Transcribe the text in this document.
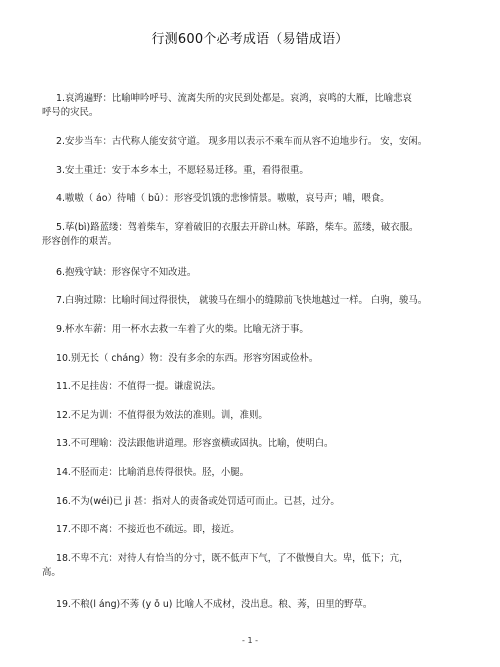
行测600个必考成语（易错成语）
1.哀鸿遍野：比喻呻吟呼号、流离失所的灾民到处都是。哀鸿，哀鸣的大雁，比喻悲哀
呼号的灾民。
2.安步当车：古代称人能安贫守道。 现多用以表示不乘车而从容不迫地步行。 安，安闲。
3.安土重迁：安于本乡本土，不愿轻易迁移。重，看得很重。
4.嗷嗷（ áo）待哺（ bǔ）：形容受饥饿的悲惨情景。嗷嗷，哀号声；哺，喂食。
5.荜(bì)路蓝缕：驾着柴车，穿着破旧的衣服去开辟山林。荜路，柴车。蓝缕，破衣服。
形容创作的艰苦。
6.抱残守缺：形容保守不知改进。
7.白驹过隙：比喻时间过得很快， 就骏马在细小的缝隙前飞快地越过一样。 白驹，骏马。
9.杯水车薪：用一杯水去救一车着了火的柴。比喻无济于事。
10.别无长（ cháng）物：没有多余的东西。形容穷困或俭朴。
11.不足挂齿：不值得一提。谦虚说法。
12.不足为训：不值得很为效法的准则。训，准则。
13.不可理喻：没法跟他讲道理。形容蛮横或固执。比喻，使明白。
14.不胫而走：比喻消息传得很快。胫，小腿。
16.不为(wéi)已 ji 甚：指对人的责备或处罚适可而止。已甚，过分。
17.不即不离：不接近也不疏远。即，接近。
18.不卑不亢：对待人有恰当的分寸，既不低声下气，了不傲慢自大。卑，低下；亢，
高。
19.不稂(l áng)不莠 (y ǒ u) 比喻人不成材，没出息。稂、莠，田里的野草。
- 1 -
